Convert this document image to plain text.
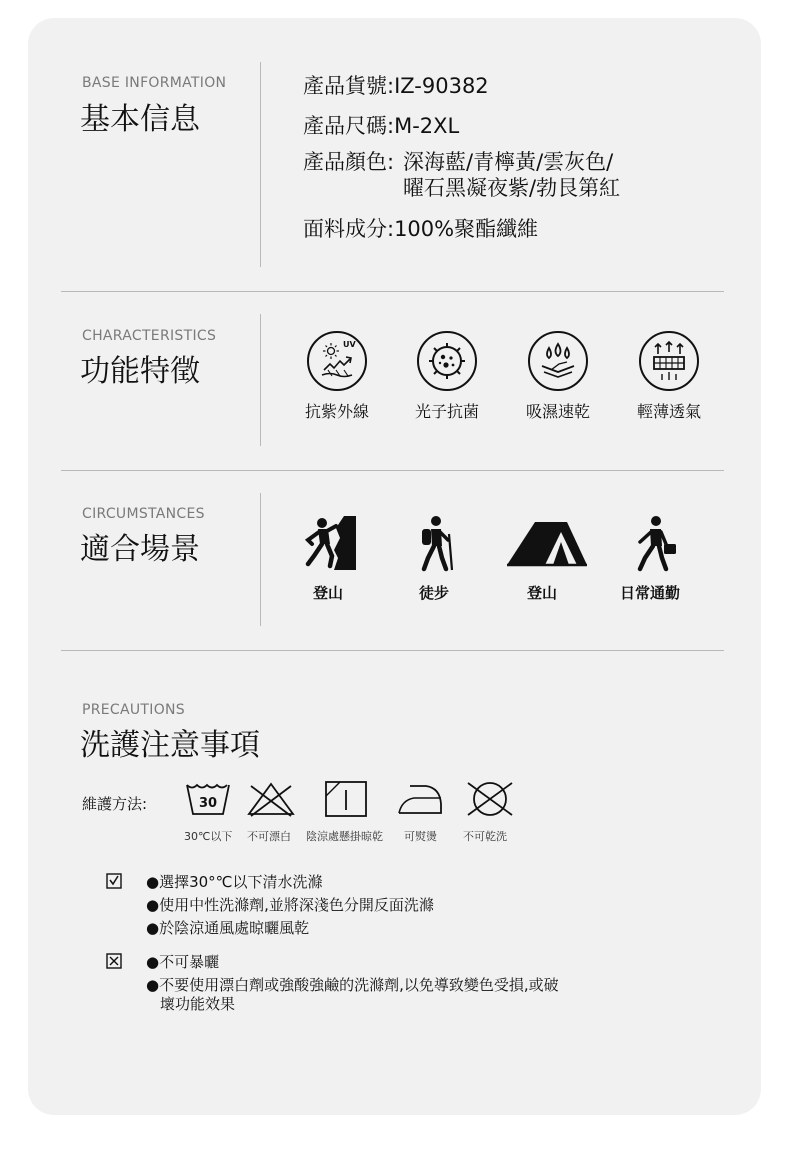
BASE INFORMATION
基本信息
產品貨號:IZ-90382
產品尺碼:M-2XL
產品顏色: 深海藍/青檸黃/雲灰色/
曜石黑凝夜紫/勃艮第紅
面料成分:100%聚酯纖維
CHARACTERISTICS
功能特徵
UV
抗紫外線	光子抗菌	吸濕速乾	輕薄透氣
CIRCUMSTANCES
適合場景
登山	徒步	登山	日常通勤
PRECAUTIONS
洗護注意事項
維護方法:	30
30℃以下 不可漂白 陰涼處懸掛晾乾 可熨燙 不可乾洗
●選擇30°℃以下清水洗滌
●使用中性洗滌劑,並將深淺色分開反面洗滌
●於陰涼通風處晾曬風乾
●不可暴曬
●不要使用漂白劑或強酸強鹼的洗滌劑,以免導致變色受損,或破
壞功能效果
